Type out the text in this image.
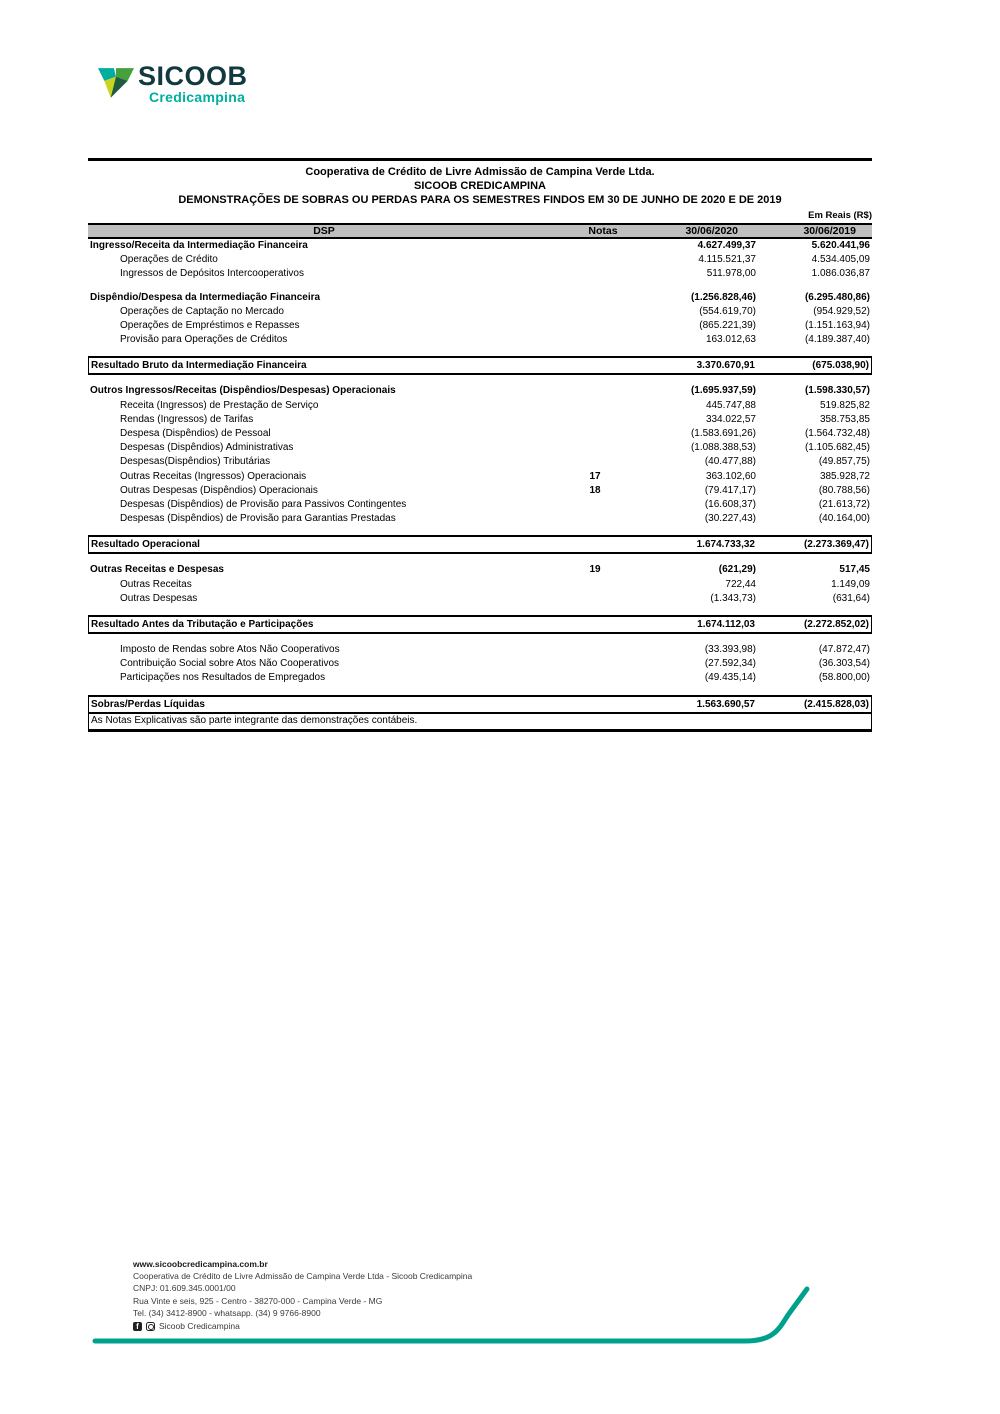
SICOOB
Credicampina
Cooperativa de Crédito de Livre Admissão de Campina Verde Ltda.
SICOOB CREDICAMPINA
DEMONSTRAÇÕES DE SOBRAS OU PERDAS PARA OS SEMESTRES FINDOS EM 30 DE JUNHO DE 2020 E DE 2019
Em Reais (R$)
DSP	Notas	30/06/2020	30/06/2019
Ingresso/Receita da Intermediação Financeira	4.627.499,37	5.620.441,96
Operações de Crédito	4.115.521,37	4.534.405,09
Ingressos de Depósitos Intercooperativos	511.978,00	1.086.036,87
Dispêndio/Despesa da Intermediação Financeira	(1.256.828,46)	(6.295.480,86)
Operações de Captação no Mercado	(554.619,70)	(954.929,52)
Operações de Empréstimos e Repasses	(865.221,39)	(1.151.163,94)
Provisão para Operações de Créditos	163.012,63	(4.189.387,40)
Resultado Bruto da Intermediação Financeira	3.370.670,91	(675.038,90)
Outros Ingressos/Receitas (Dispêndios/Despesas) Operacionais	(1.695.937,59)	(1.598.330,57)
Receita (Ingressos) de Prestação de Serviço	445.747,88	519.825,82
Rendas (Ingressos) de Tarifas	334.022,57	358.753,85
Despesa (Dispêndios) de Pessoal	(1.583.691,26)	(1.564.732,48)
Despesas (Dispêndios) Administrativas	(1.088.388,53)	(1.105.682,45)
Despesas(Dispêndios) Tributárias	(40.477,88)	(49.857,75)
Outras Receitas (Ingressos) Operacionais	17	363.102,60	385.928,72
Outras Despesas (Dispêndios) Operacionais	18	(79.417,17)	(80.788,56)
Despesas (Dispêndios) de Provisão para Passivos Contingentes	(16.608,37)	(21.613,72)
Despesas (Dispêndios) de Provisão para Garantias Prestadas	(30.227,43)	(40.164,00)
Resultado Operacional	1.674.733,32	(2.273.369,47)
Outras Receitas e Despesas	19	(621,29)	517,45
Outras Receitas	722,44	1.149,09
Outras Despesas	(1.343,73)	(631,64)
Resultado Antes da Tributação e Participações	1.674.112,03	(2.272.852,02)
Imposto de Rendas sobre Atos Não Cooperativos	(33.393,98)	(47.872,47)
Contribuição Social sobre Atos Não Cooperativos	(27.592,34)	(36.303,54)
Participações nos Resultados de Empregados	(49.435,14)	(58.800,00)
Sobras/Perdas Líquidas	1.563.690,57	(2.415.828,03)
As Notas Explicativas são parte integrante das demonstrações contábeis.
www.sicoobcredicampina.com.br
Cooperativa de Crédito de Livre Admissão de Campina Verde Ltda - Sicoob Credicampina
CNPJ: 01.609.345.0001/00
Rua Vinte e seis, 925 - Centro - 38270-000 - Campina Verde - MG
Tel. (34) 3412-8900 - whatsapp. (34) 9 9766-8900
f	Sicoob Credicampina
